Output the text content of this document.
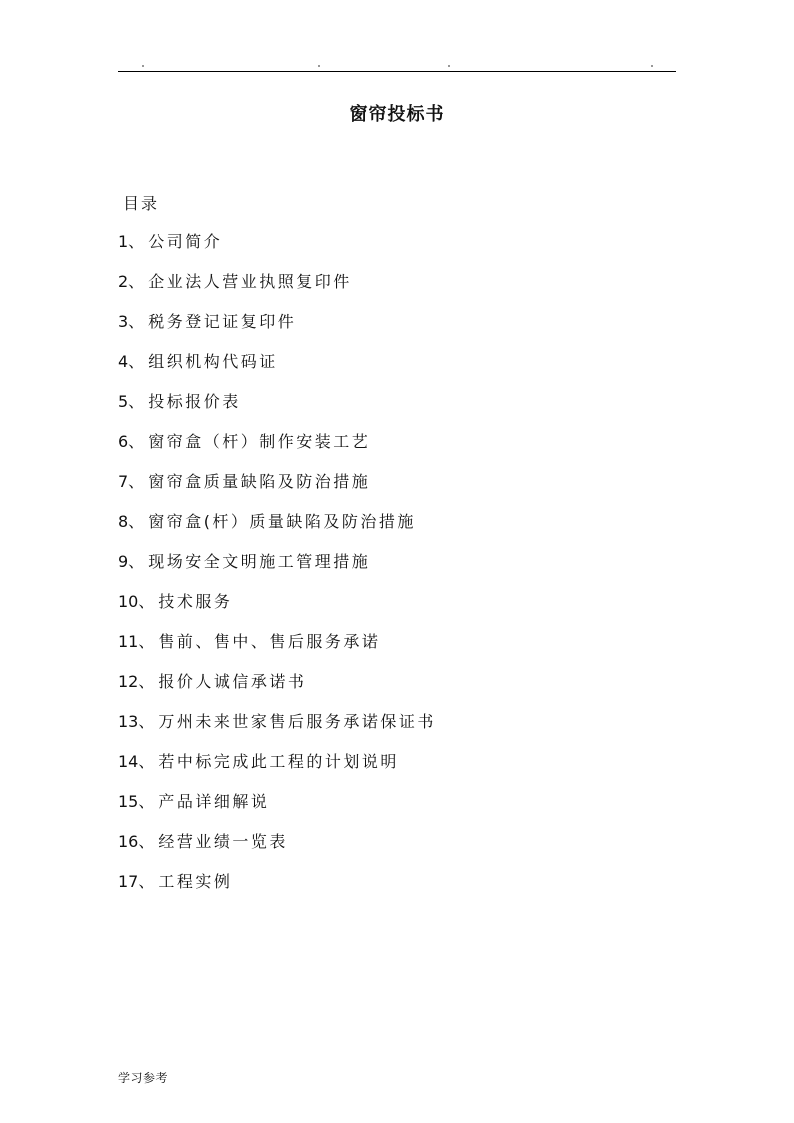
窗帘投标书
目录
1、 公司简介
2、 企业法人营业执照复印件
3、 税务登记证复印件
4、 组织机构代码证
5、 投标报价表
6、 窗帘盒（杆）制作安装工艺
7、 窗帘盒质量缺陷及防治措施
8、 窗帘盒(杆）质量缺陷及防治措施
9、 现场安全文明施工管理措施
10、 技术服务
11、 售前、售中、售后服务承诺
12、 报价人诚信承诺书
13、 万州未来世家售后服务承诺保证书
14、 若中标完成此工程的计划说明
15、 产品详细解说
16、 经营业绩一览表
17、 工程实例
学习参考
